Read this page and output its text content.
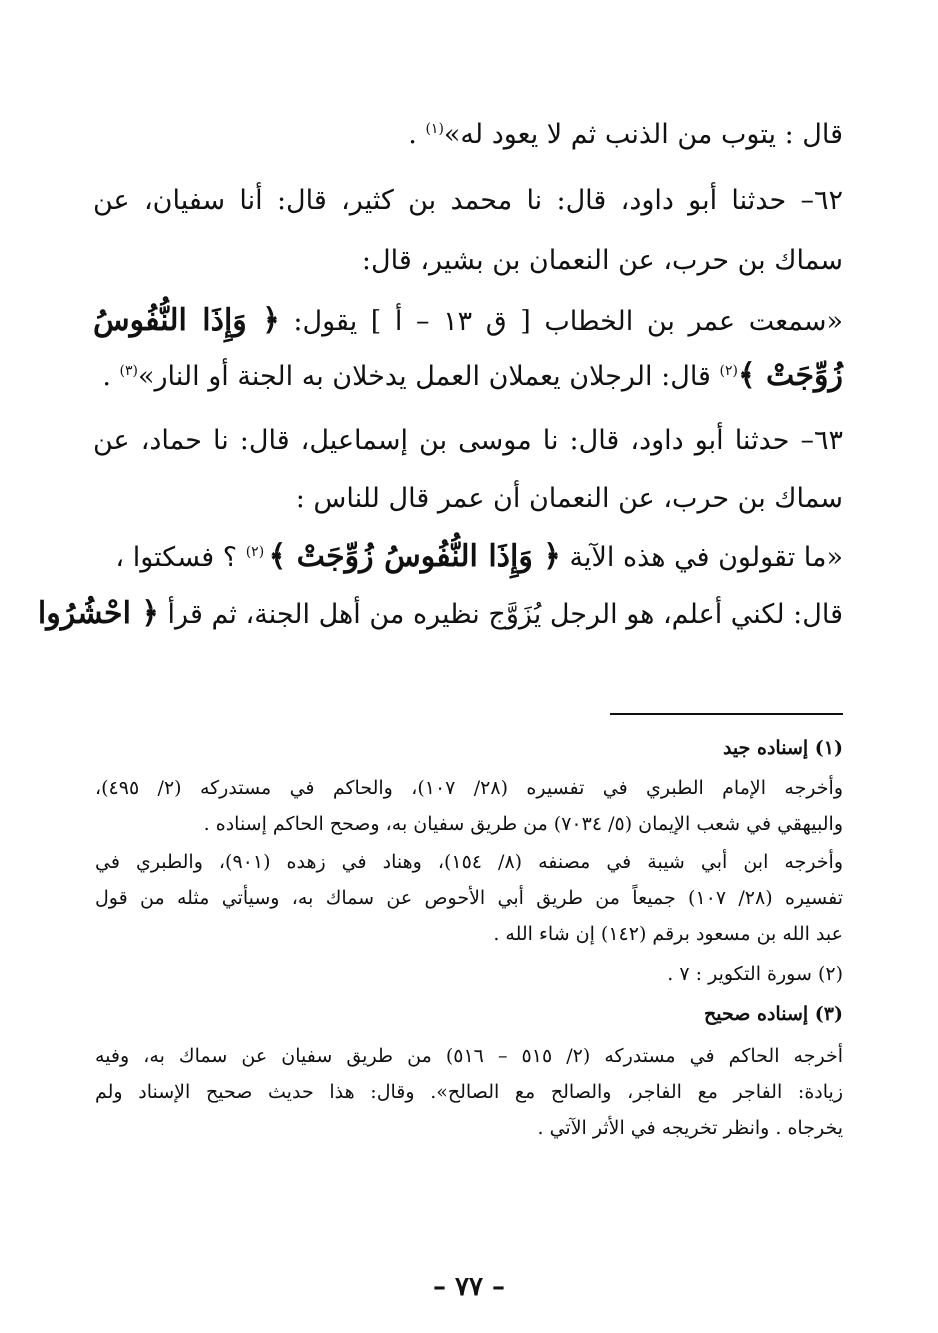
قال : يتوب من الذنب ثم لا يعود له»$^{(١)}$ .
٦٢– حدثنا أبو داود، قال: نا محمد بن كثير، قال: أنا سفيان، عن
سماك بن حرب، عن النعمان بن بشير، قال:
«سمعت عمر بن الخطاب [ ق ١٣ – أ ] يقول: ﴿ وَإِذَا النُّفُوسُ
زُوِّجَتْ ﴾$^{(٢)}$ قال: الرجلان يعملان العمل يدخلان به الجنة أو النار»$^{(٣)}$ .
٦٣– حدثنا أبو داود، قال: نا موسى بن إسماعيل، قال: نا حماد، عن
سماك بن حرب، عن النعمان أن عمر قال للناس :
«ما تقولون في هذه الآية ﴿ وَإِذَا النُّفُوسُ زُوِّجَتْ ﴾ $^{(٢)}$ ؟ فسكتوا ،
قال: لكني أعلم، هو الرجل يُزَوَّج نظيره من أهل الجنة، ثم قرأ ﴿ احْشُرُوا
(١) إسناده جيد
وأخرجه الإمام الطبري في تفسيره (٢٨/ ١٠٧)، والحاكم في مستدركه (٢/ ٤٩٥)،
والبيهقي في شعب الإيمان (٥/ ٧٠٣٤) من طريق سفيان به، وصحح الحاكم إسناده .
وأخرجه ابن أبي شيبة في مصنفه (٨/ ١٥٤)، وهناد في زهده (٩٠١)، والطبري في
تفسيره (٢٨/ ١٠٧) جميعاً من طريق أبي الأحوص عن سماك به، وسيأتي مثله من قول
عبد الله بن مسعود برقم (١٤٢) إن شاء الله .
(٢) سورة التكوير : ٧ .
(٣) إسناده صحيح
أخرجه الحاكم في مستدركه (٢/ ٥١٥ – ٥١٦) من طريق سفيان عن سماك به، وفيه
زيادة: الفاجر مع الفاجر، والصالح مع الصالح». وقال: هذا حديث صحيح الإسناد ولم
يخرجاه . وانظر تخريجه في الأثر الآتي .
– ٧٧ –
